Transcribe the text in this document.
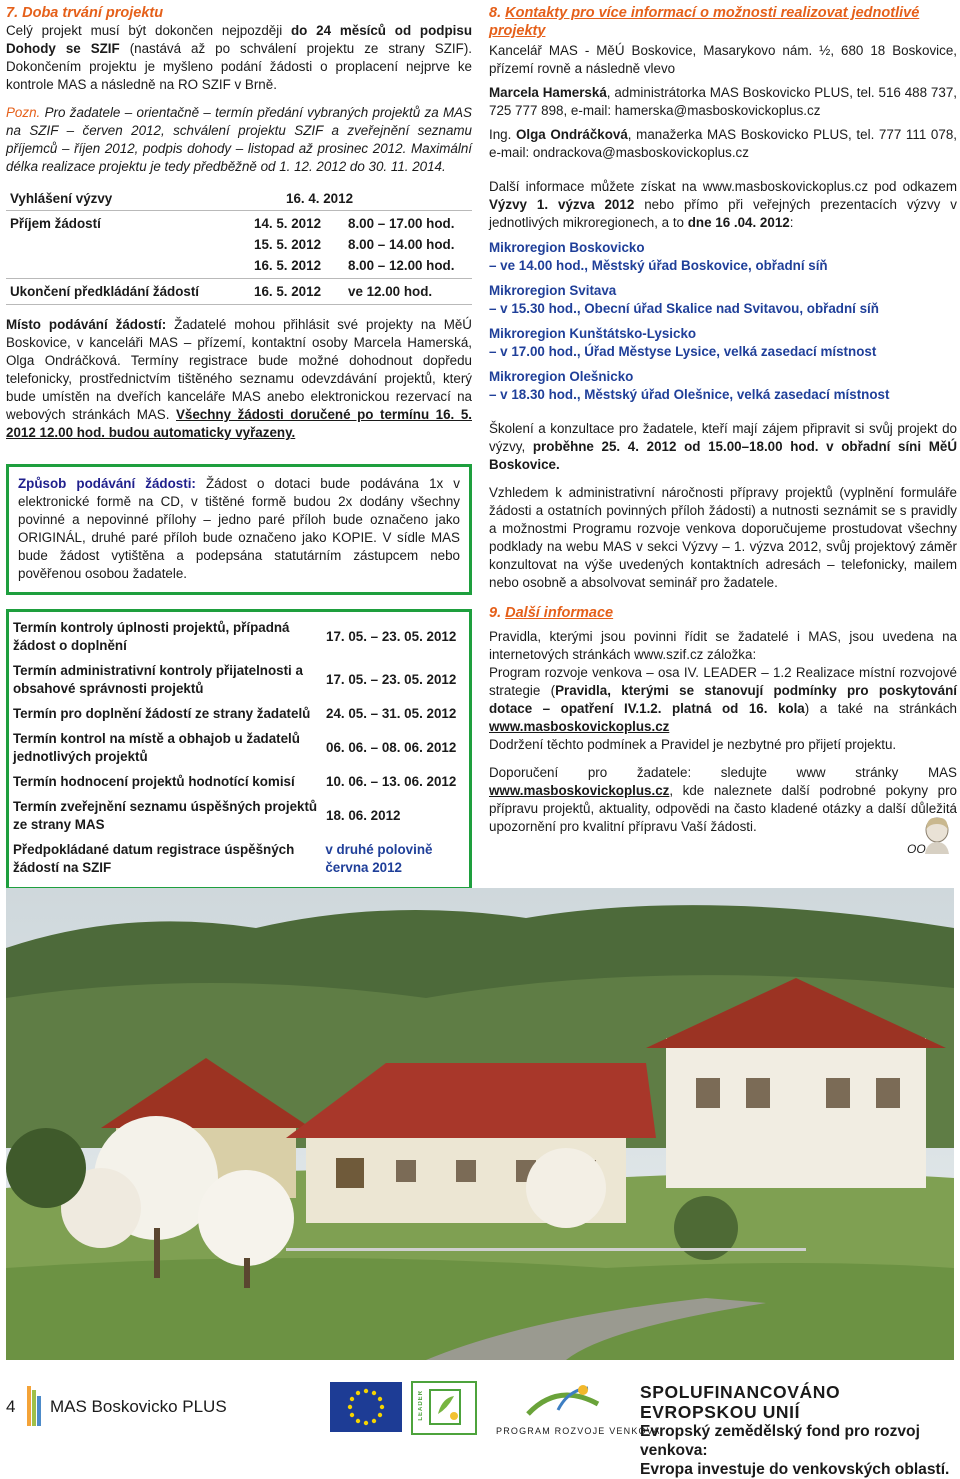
7. Doba trvání projektu

Celý projekt musí být dokončen nejpozději do 24 měsíců od podpisu Dohody se SZIF (nastává až po schválení projektu ze strany SZIF). Dokončením projektu je myšleno podání žádosti o proplacení nejprve ke kontrole MAS a následně na RO SZIF v Brně.

Pozn. Pro žadatele – orientačně – termín předání vybraných projektů za MAS na SZIF – červen 2012, schválení projektu SZIF a zveřejnění seznamu příjemců – říjen 2012, podpis dohody – listopad až prosinec 2012. Maximální délka realizace projektu je tedy předběžně od 1. 12. 2012 do 30. 11. 2014.

Vyhlášení výzvy	16. 4. 2012
Příjem žádostí	14. 5. 2012 8.00 – 17.00 hod.
15. 5. 2012 8.00 – 14.00 hod.
16. 5. 2012 8.00 – 12.00 hod.
Ukončení předkládání žádostí	16. 5. 2012 ve 12.00 hod.

Místo podávání žádostí: Žadatelé mohou přihlásit své projekty na MěÚ Boskovice, v kanceláři MAS – přízemí, kontaktní osoby Marcela Hamerská, Olga Ondráčková. Termíny registrace bude možné dohodnout dopředu telefonicky, prostřednictvím tištěného seznamu odevzdávání projektů, který bude umístěn na dveřích kanceláře MAS anebo elektronickou rezervací na webových stránkách MAS. Všechny žádosti doručené po termínu 16. 5. 2012 12.00 hod. budou automaticky vyřazeny.

Způsob podávání žádosti: Žádost o dotaci bude podávána 1x v elektronické formě na CD, v tištěné formě budou 2x dodány všechny povinné a nepovinné přílohy – jedno paré příloh bude označeno jako ORIGINÁL, druhé paré příloh bude označeno jako KOPIE. V sídle MAS bude žádost vytištěna a podepsána statutárním zástupcem nebo pověřenou osobou žadatele.

Termín kontroly úplnosti projektů, případná žádost o doplnění
17. 05. – 23. 05. 2012
Termín administrativní kontroly přijatelnosti a obsahové správnosti projektů
17. 05. – 23. 05. 2012
Termín pro doplnění žádostí ze strany žadatelů	24. 05. – 31. 05. 2012
Termín kontrol na místě a obhajob u žadatelů jednotlivých projektů
06. 06. – 08. 06. 2012
Termín hodnocení projektů hodnotící komisí	10. 06. – 13. 06. 2012
Termín zveřejnění seznamu úspěšných projektů ze strany MAS
18. 06. 2012
Předpokládané datum registrace úspěšných žádostí na SZIF
v druhé polovině června 2012
8. Kontakty pro více informací o možnosti realizovat jednotlivé projekty

Kancelář MAS - MěÚ Boskovice, Masarykovo nám. ½, 680 18 Boskovice, přízemí rovně a následně vlevo

Marcela Hamerská, administrátorka MAS Boskovicko PLUS, tel. 516 488 737, 725 777 898, e-mail: hamerska@masboskovickoplus.cz

Ing. Olga Ondráčková, manažerka MAS Boskovicko PLUS, tel. 777 111 078, e-mail: ondrackova@masboskovickoplus.cz

Další informace můžete získat na www.masboskovickoplus.cz pod odkazem Výzvy 1. výzva 2012 nebo přímo při veřejných prezentacích výzvy v jednotlivých mikroregionech, a to dne 16 .04. 2012:

Mikroregion Boskovicko
– ve 14.00 hod., Městský úřad Boskovice, obřadní síň
Mikroregion Svitava
– v 15.30 hod., Obecní úřad Skalice nad Svitavou, obřadní síň
Mikroregion Kunštátsko-Lysicko
– v 17.00 hod., Úřad Městyse Lysice, velká zasedací místnost
Mikroregion Olešnicko
– v 18.30 hod., Městský úřad Olešnice, velká zasedací místnost

Školení a konzultace pro žadatele, kteří mají zájem připravit si svůj projekt do výzvy, proběhne 25. 4. 2012 od 15.00–18.00 hod. v obřadní síni MěÚ Boskovice.

Vzhledem k administrativní náročnosti přípravy projektů (vyplnění formuláře žádosti a ostatních povinných příloh žádosti) a nutnosti seznámit se s pravidly a možnostmi Programu rozvoje venkova doporučujeme prostudovat všechny podklady na webu MAS v sekci Výzvy – 1. výzva 2012, svůj projektový záměr konzultovat na výše uvedených kontaktních adresách – telefonicky, mailem nebo osobně a absolvovat seminář pro žadatele.

9. Další informace

Pravidla, kterými jsou povinni řídit se žadatelé i MAS, jsou uvedena na internetových stránkách www.szif.cz záložka:

Program rozvoje venkova – osa IV. LEADER – 1.2 Realizace místní rozvojové strategie (Pravidla, kterými se stanovují podmínky pro poskytování dotace – opatření IV.1.2. platná od 16. kola) a také na stránkách www.masboskovickoplus.cz

Dodržení těchto podmínek a Pravidel je nezbytné pro přijetí projektu.

Doporučení pro žadatele: sledujte www stránky MAS www.masboskovickoplus.cz, kde naleznete další podrobné pokyny pro přípravu projektů, aktuality, odpovědi na často kladené otázky a další důležitá upozornění pro kvalitní přípravu Vaší žádosti.

OO
4 MAS Boskovicko PLUS	LEADER
PROGRAM ROZVOJE VENKOVA
SPOLUFINANCOVÁNO EVROPSKOU UNIÍ
Evropský zemědělský fond pro rozvoj venkova:
Evropa investuje do venkovských oblastí.
